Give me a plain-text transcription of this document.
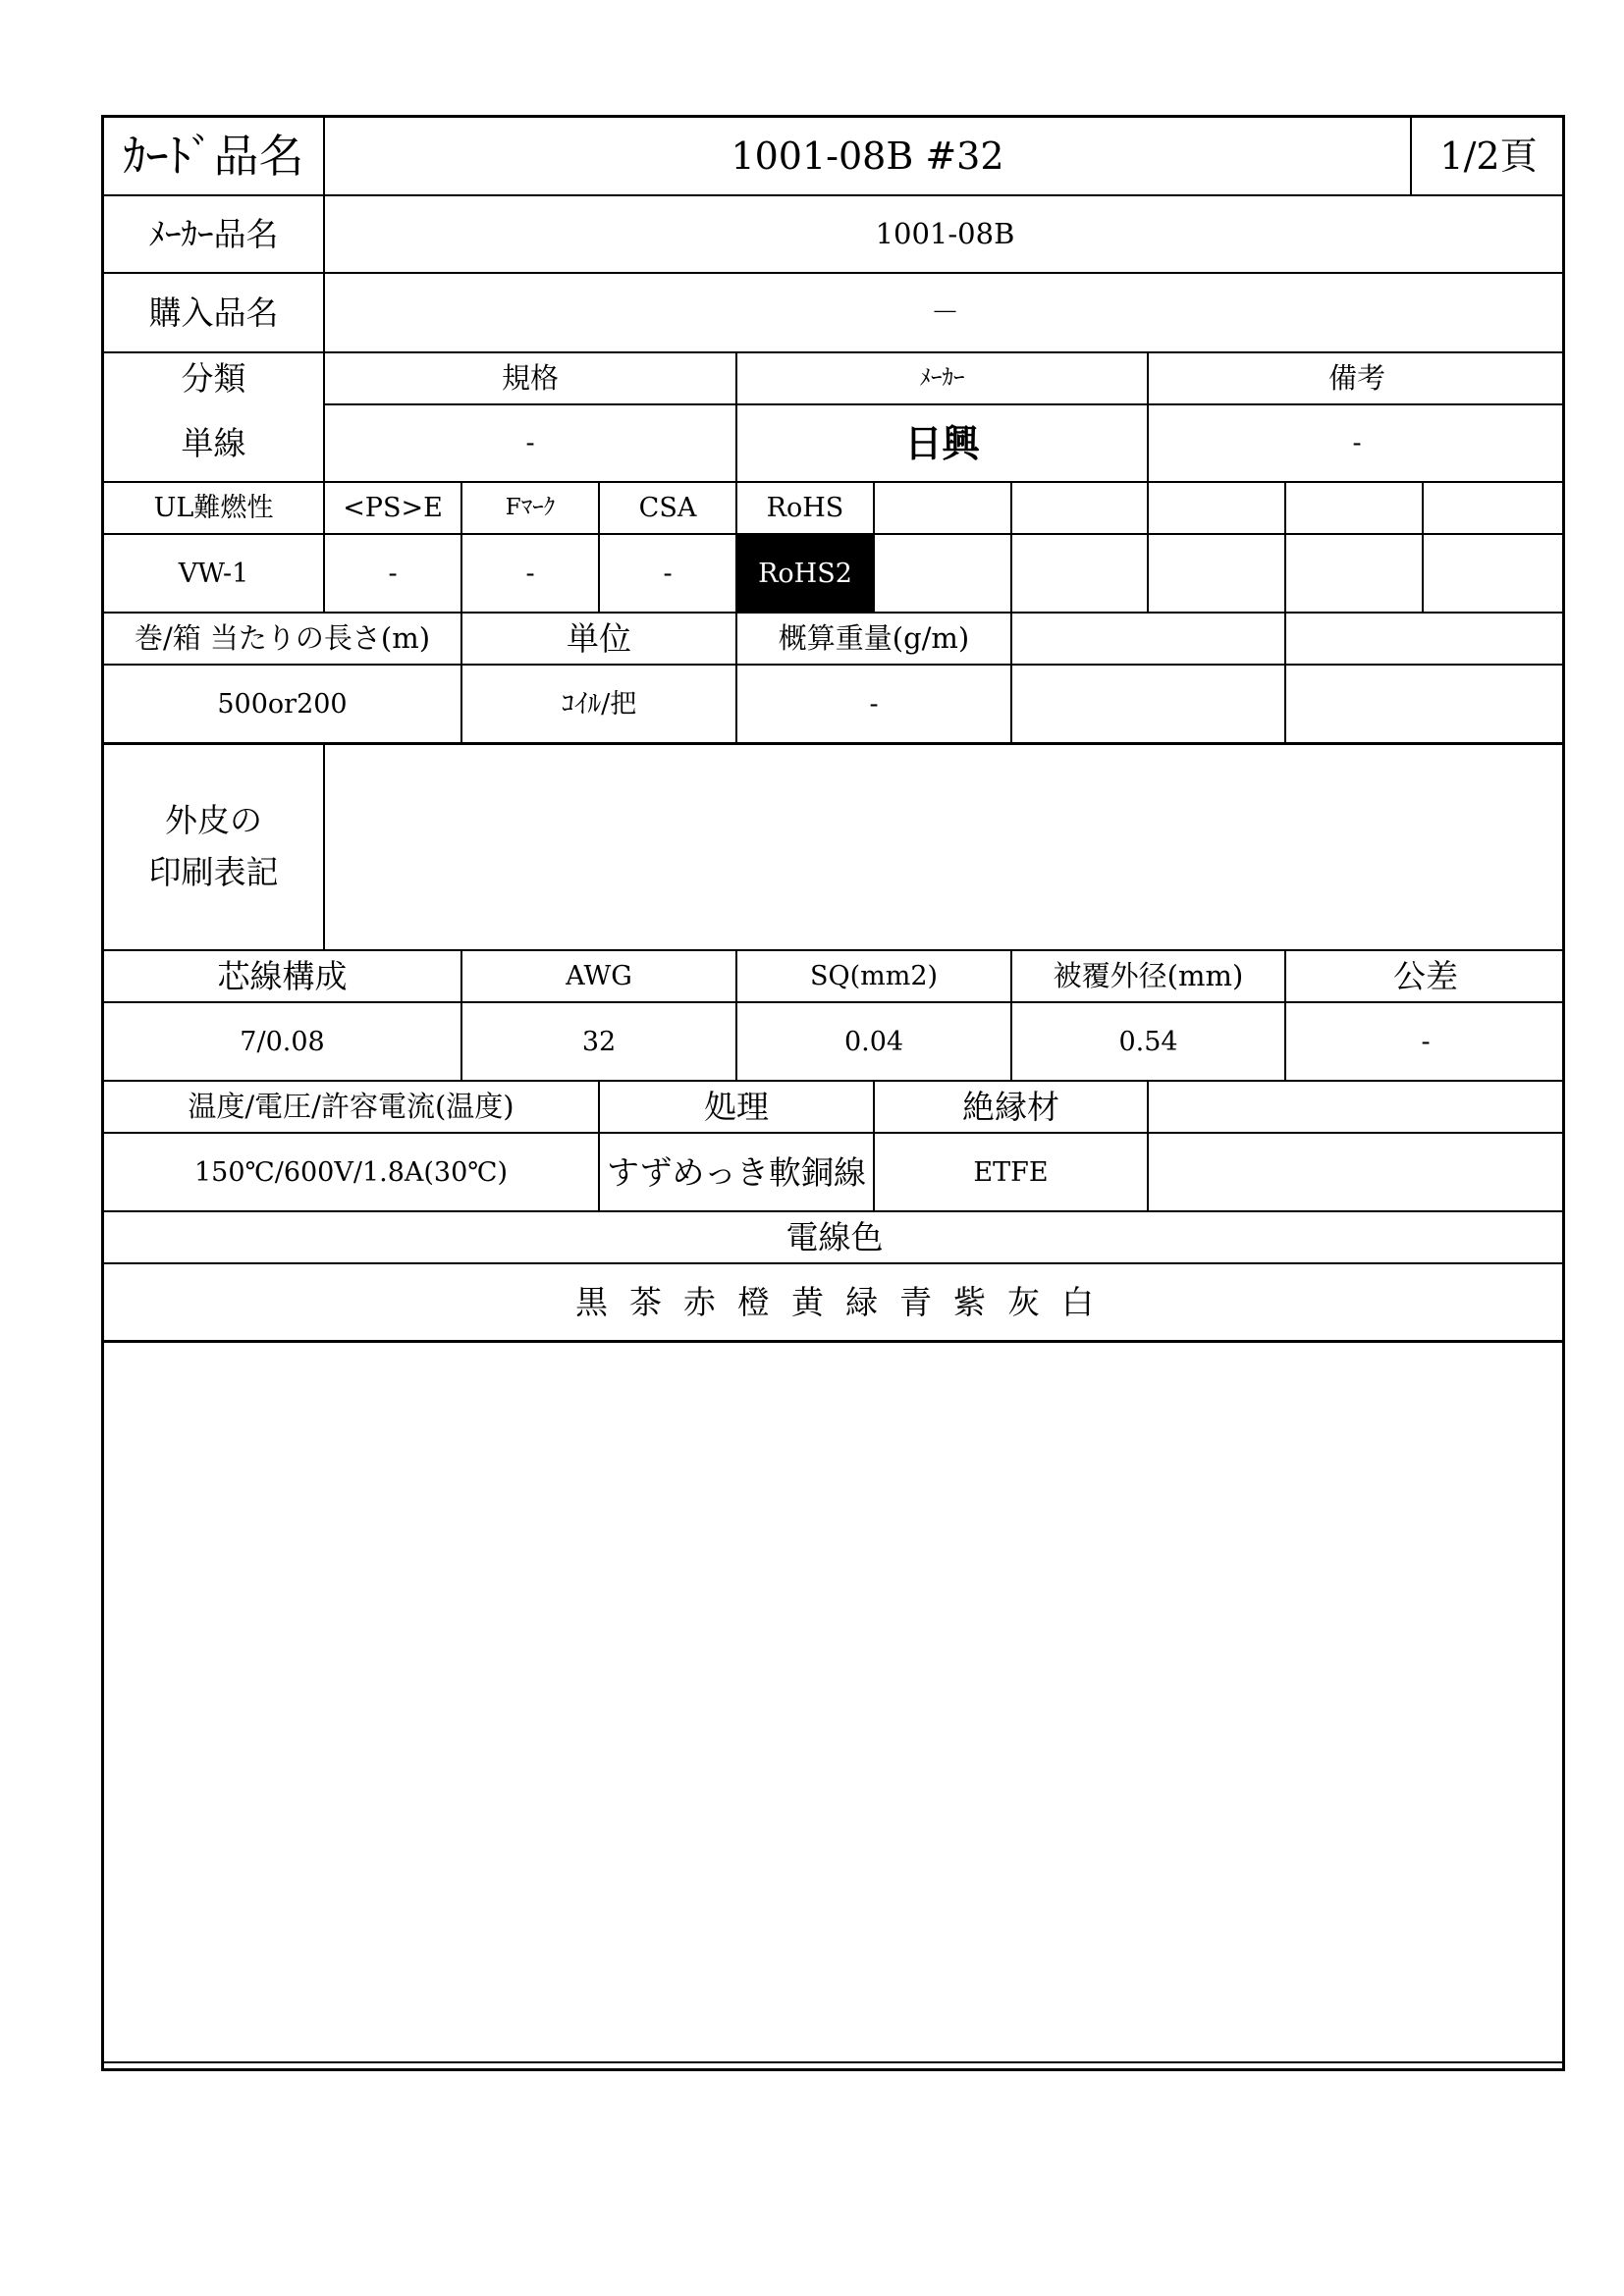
ｶｰﾄﾞ品名	1001-08B #32	1/2頁
ﾒｰｶｰ品名	1001-08B
購入品名	－
分類	規格	ﾒｰｶｰ	備考
単線	-	日興	-
UL難燃性	<PS>E	Fﾏｰｸ	CSA	RoHS
VW-1	-	-	-	RoHS2
巻/箱 当たりの長さ(m)	単位	概算重量(g/m)
500or200	ｺｲﾙ/把	-
外皮の
印刷表記
芯線構成	AWG	SQ(mm2)	被覆外径(mm)	公差
7/0.08	32	0.04	0.54	-
温度/電圧/許容電流(温度)	処理	絶縁材
150℃/600V/1.8A(30℃)	すずめっき軟銅線	ETFE
電線色
黒 茶 赤 橙 黄 緑 青 紫 灰 白
